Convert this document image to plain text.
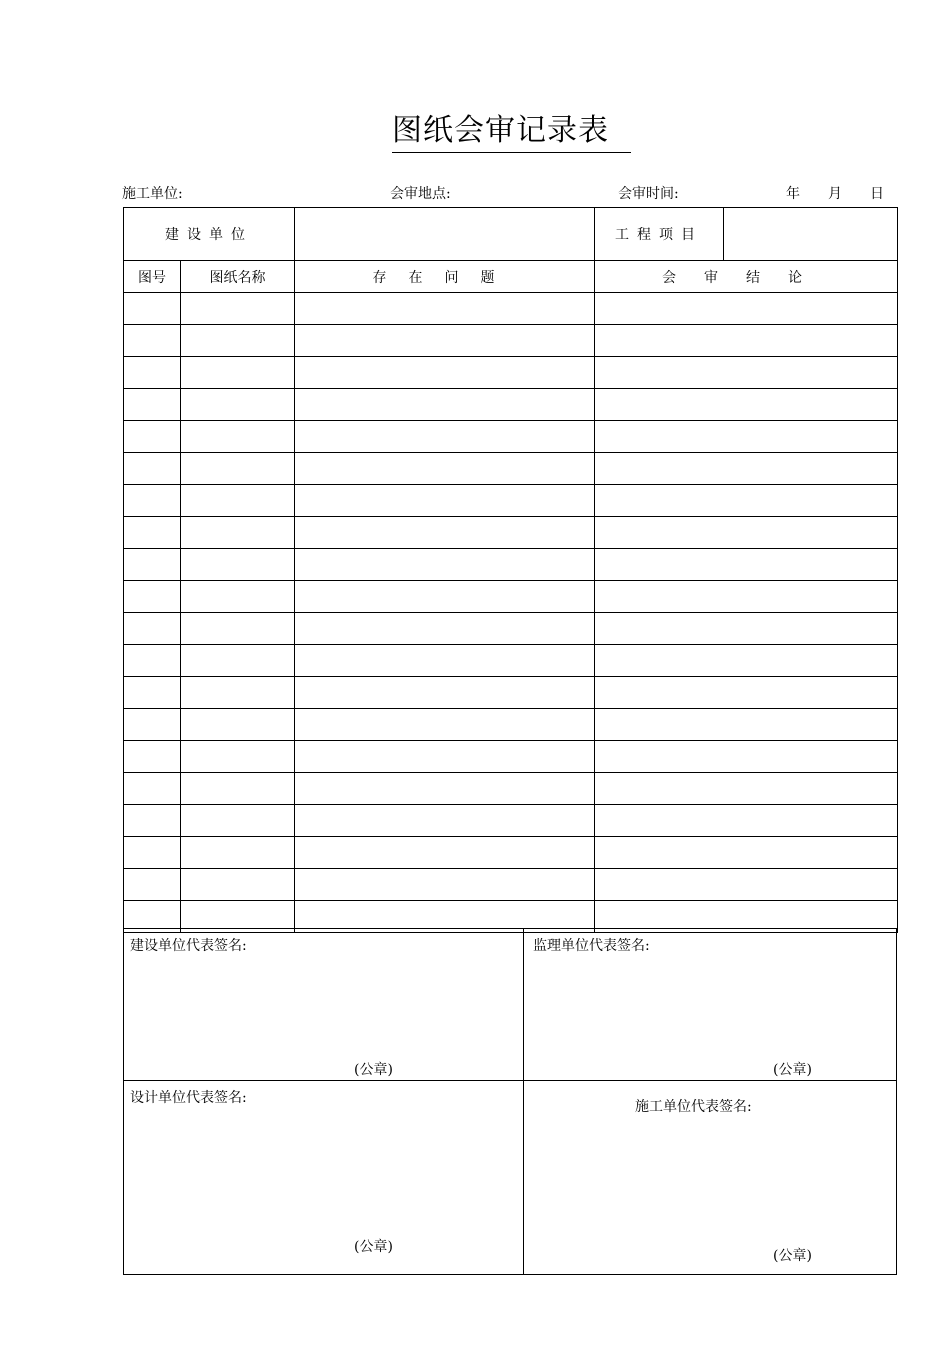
图纸会审记录表
施工单位:	会审地点:	会审时间:	年 月 日
建设单位			工程项目	
图号	图纸名称	存在问题	会审结论	

建设单位代表签名:
(公章)
监理单位代表签名:
(公章)
设计单位代表签名:
(公章)
施工单位代表签名:
(公章)
